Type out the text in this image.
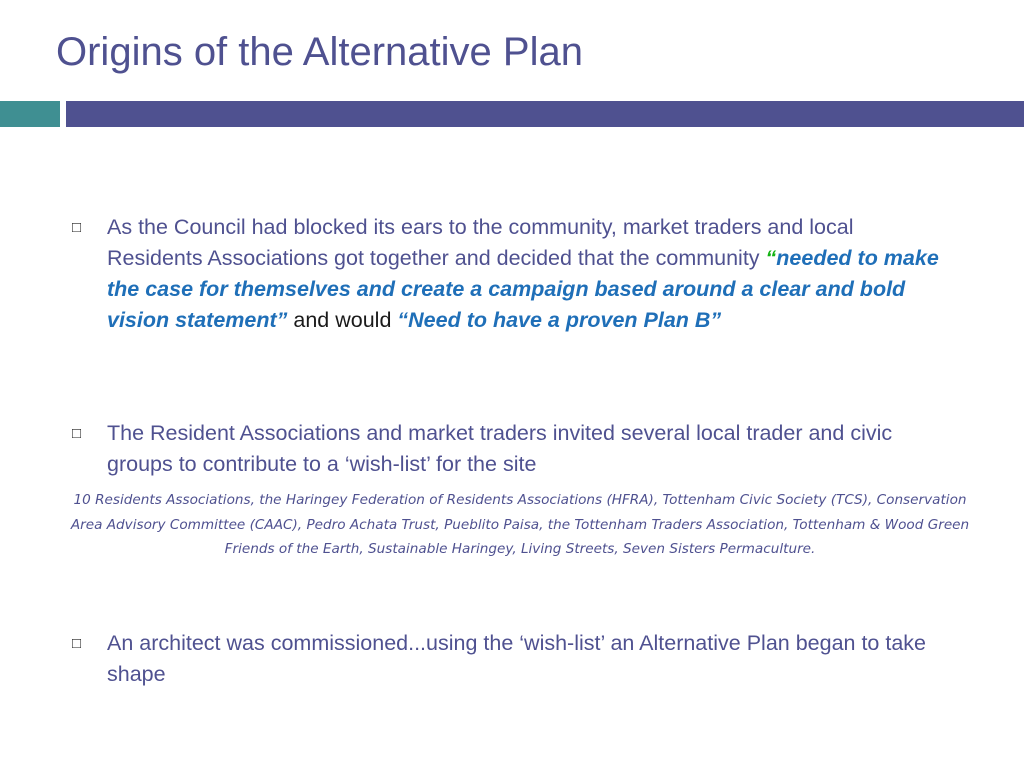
Origins of the Alternative Plan
□	As the Council had blocked its ears to the community, market traders and local Residents Associations got together and decided that the community “needed to make the case for themselves and create a campaign based around a clear and bold vision statement” and would “Need to have a proven Plan B”
□	The Resident Associations and market traders invited several local trader and civic groups to contribute to a ‘wish-list’ for the site
10 Residents Associations, the Haringey Federation of Residents Associations (HFRA), Tottenham Civic Society (TCS), Conservation Area Advisory Committee (CAAC), Pedro Achata Trust, Pueblito Paisa, the Tottenham Traders Association, Tottenham & Wood Green Friends of the Earth, Sustainable Haringey, Living Streets, Seven Sisters Permaculture.
□	An architect was commissioned...using the ‘wish-list’ an Alternative Plan began to take shape
